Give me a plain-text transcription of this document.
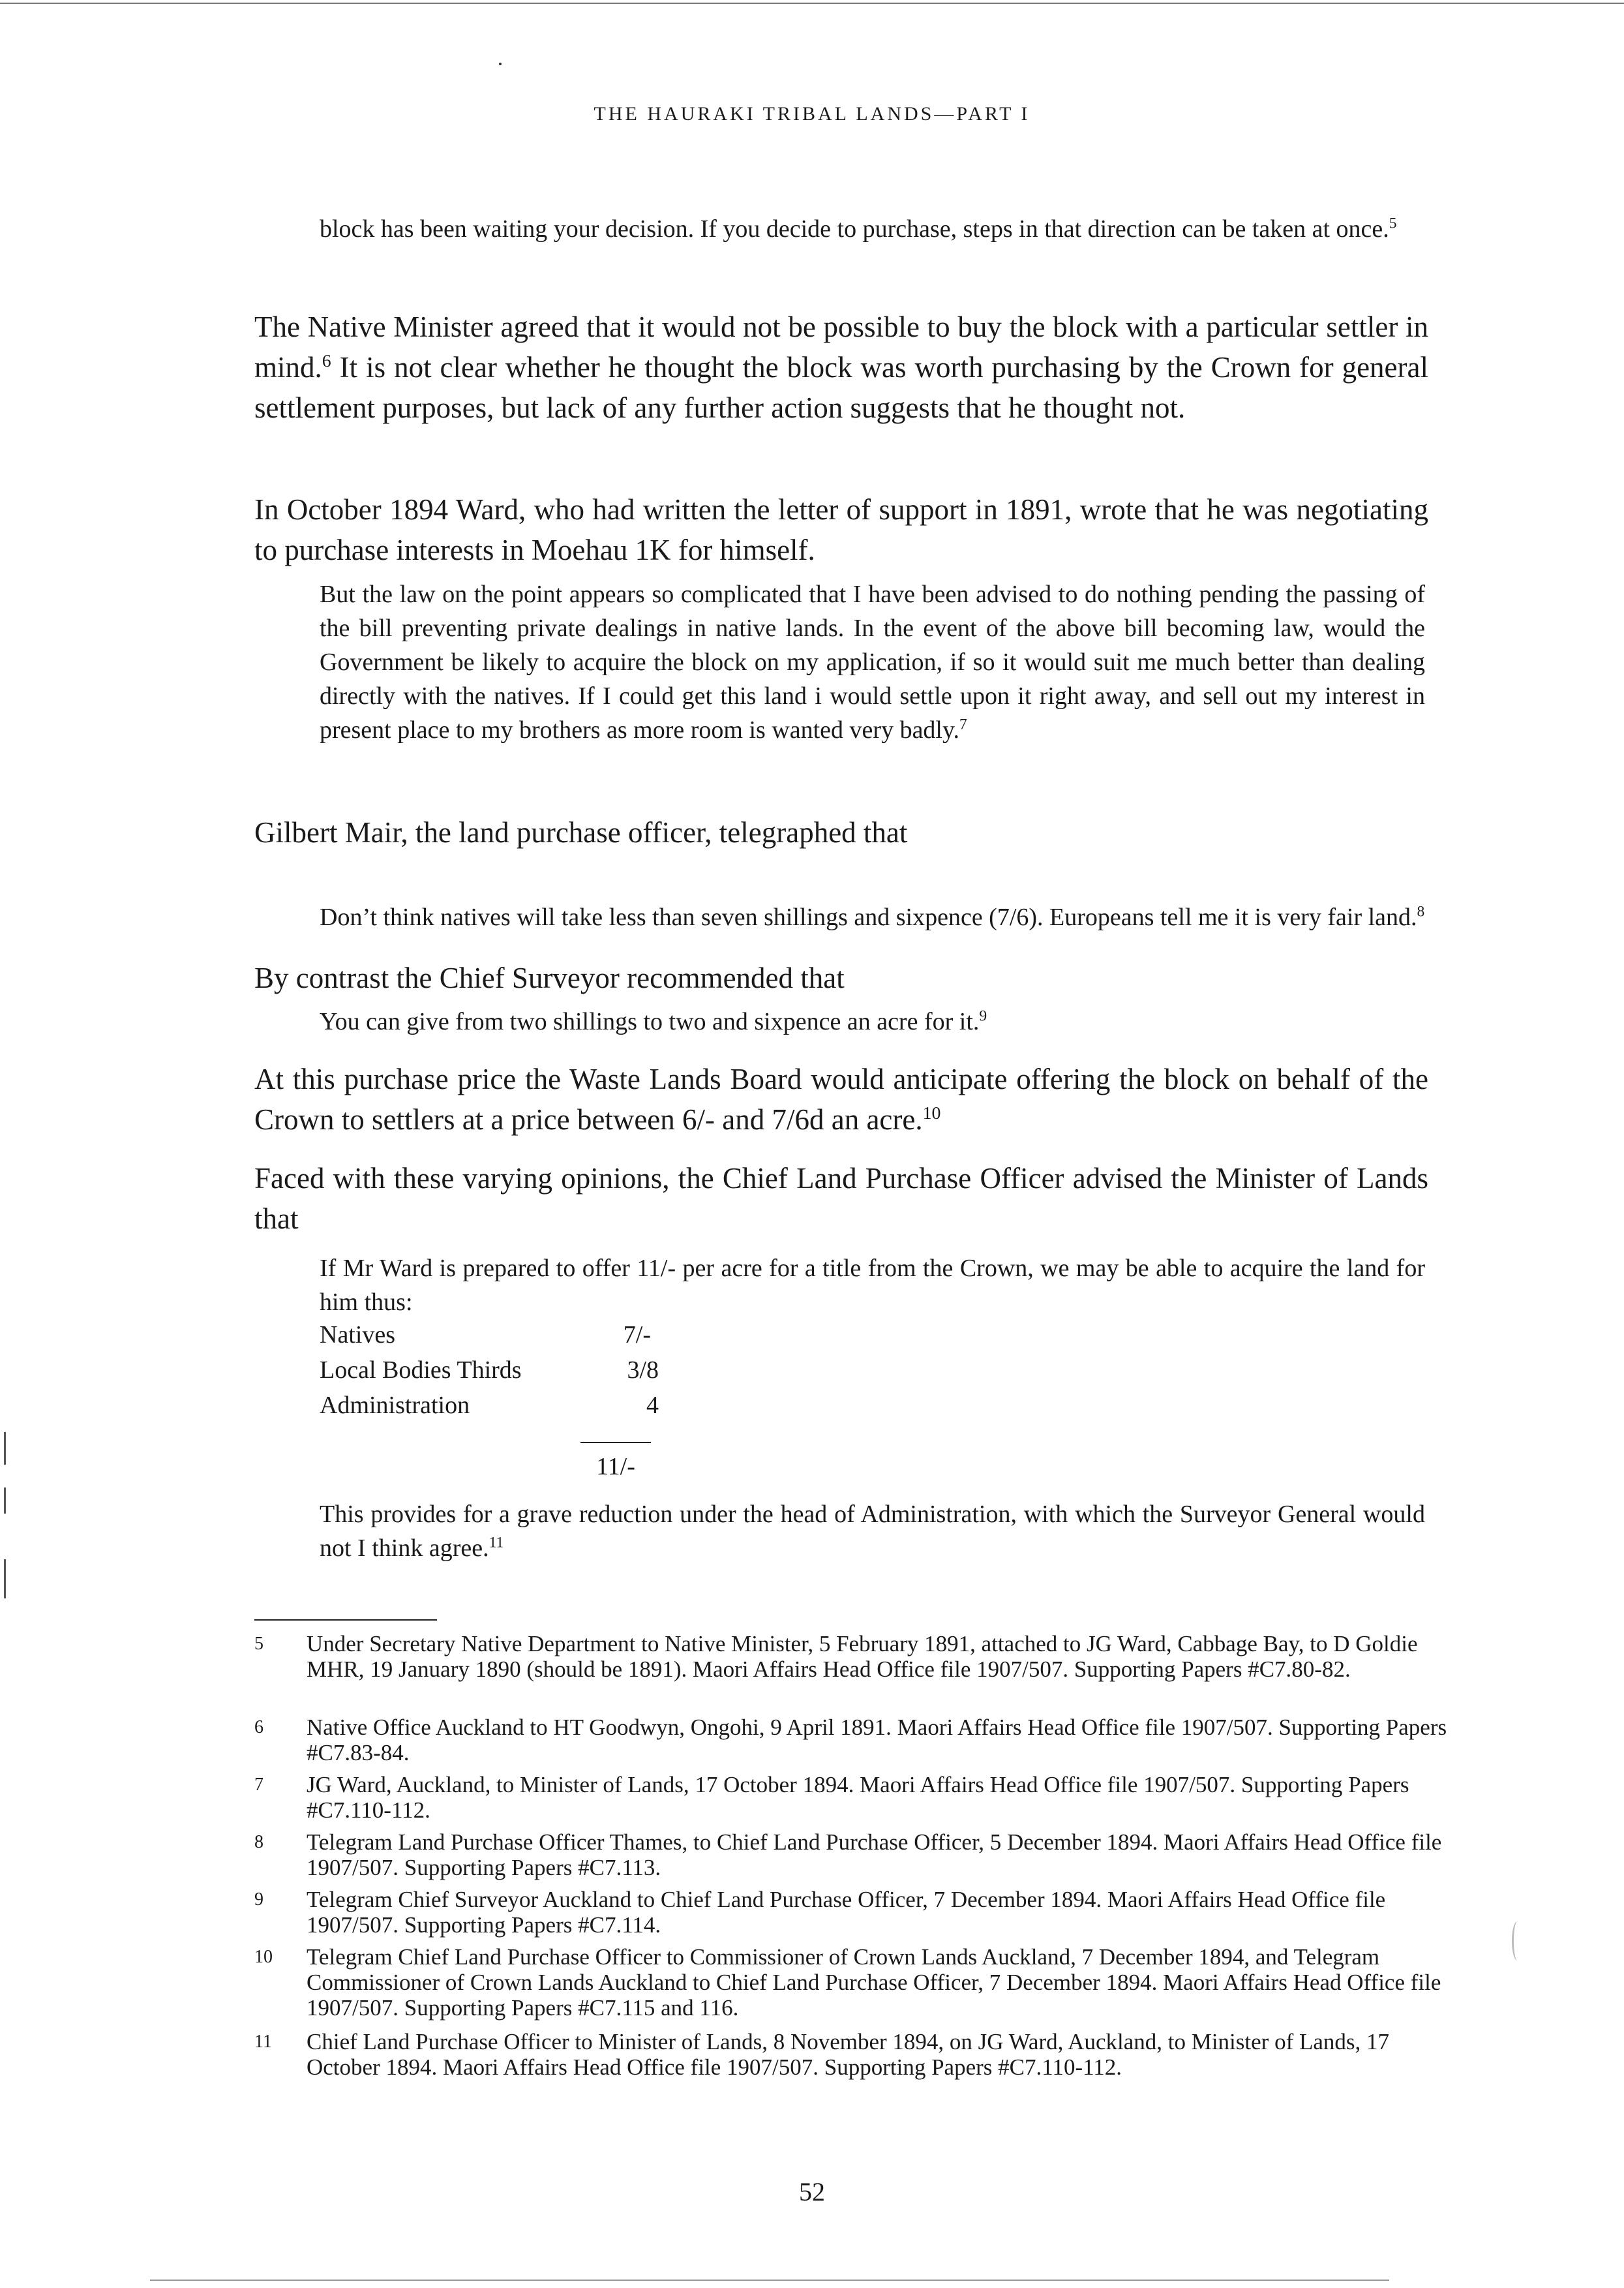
THE HAURAKI TRIBAL LANDS—PART I

block has been waiting your decision. If you decide to purchase, steps in that direction can be taken at once.$^5$

The Native Minister agreed that it would not be possible to buy the block with a particular settler in mind.$^6$ It is not clear whether he thought the block was worth purchasing by the Crown for general settlement purposes, but lack of any further action suggests that he thought not.

In October 1894 Ward, who had written the letter of support in 1891, wrote that he was negotiating to purchase interests in Moehau 1K for himself.

But the law on the point appears so complicated that I have been advised to do nothing pending the passing of the bill preventing private dealings in native lands. In the event of the above bill becoming law, would the Government be likely to acquire the block on my application, if so it would suit me much better than dealing directly with the natives. If I could get this land i would settle upon it right away, and sell out my interest in present place to my brothers as more room is wanted very badly.$^7$

Gilbert Mair, the land purchase officer, telegraphed that

Don’t think natives will take less than seven shillings and sixpence (7/6). Europeans tell me it is very fair land.$^8$

By contrast the Chief Surveyor recommended that

You can give from two shillings to two and sixpence an acre for it.$^9$

At this purchase price the Waste Lands Board would anticipate offering the block on behalf of the Crown to settlers at a price between 6/- and 7/6d an acre.$^{10}$

Faced with these varying opinions, the Chief Land Purchase Officer advised the Minister of Lands that

If Mr Ward is prepared to offer 11/- per acre for a title from the Crown, we may be able to acquire the land for him thus:

Natives	7/-
Local Bodies Thirds	3/8
Administration	4
11/-

This provides for a grave reduction under the head of Administration, with which the Surveyor General would not I think agree.$^{11}$

5 Under Secretary Native Department to Native Minister, 5 February 1891, attached to JG Ward, Cabbage Bay, to D Goldie MHR, 19 January 1890 (should be 1891). Maori Affairs Head Office file 1907/507. Supporting Papers #C7.80-82.
6 Native Office Auckland to HT Goodwyn, Ongohi, 9 April 1891. Maori Affairs Head Office file 1907/507. Supporting Papers #C7.83-84.
7 JG Ward, Auckland, to Minister of Lands, 17 October 1894. Maori Affairs Head Office file 1907/507. Supporting Papers #C7.110-112.
8 Telegram Land Purchase Officer Thames, to Chief Land Purchase Officer, 5 December 1894. Maori Affairs Head Office file 1907/507. Supporting Papers #C7.113.
9 Telegram Chief Surveyor Auckland to Chief Land Purchase Officer, 7 December 1894. Maori Affairs Head Office file 1907/507. Supporting Papers #C7.114.
10 Telegram Chief Land Purchase Officer to Commissioner of Crown Lands Auckland, 7 December 1894, and Telegram Commissioner of Crown Lands Auckland to Chief Land Purchase Officer, 7 December 1894. Maori Affairs Head Office file 1907/507. Supporting Papers #C7.115 and 116.
11 Chief Land Purchase Officer to Minister of Lands, 8 November 1894, on JG Ward, Auckland, to Minister of Lands, 17 October 1894. Maori Affairs Head Office file 1907/507. Supporting Papers #C7.110-112.
52
